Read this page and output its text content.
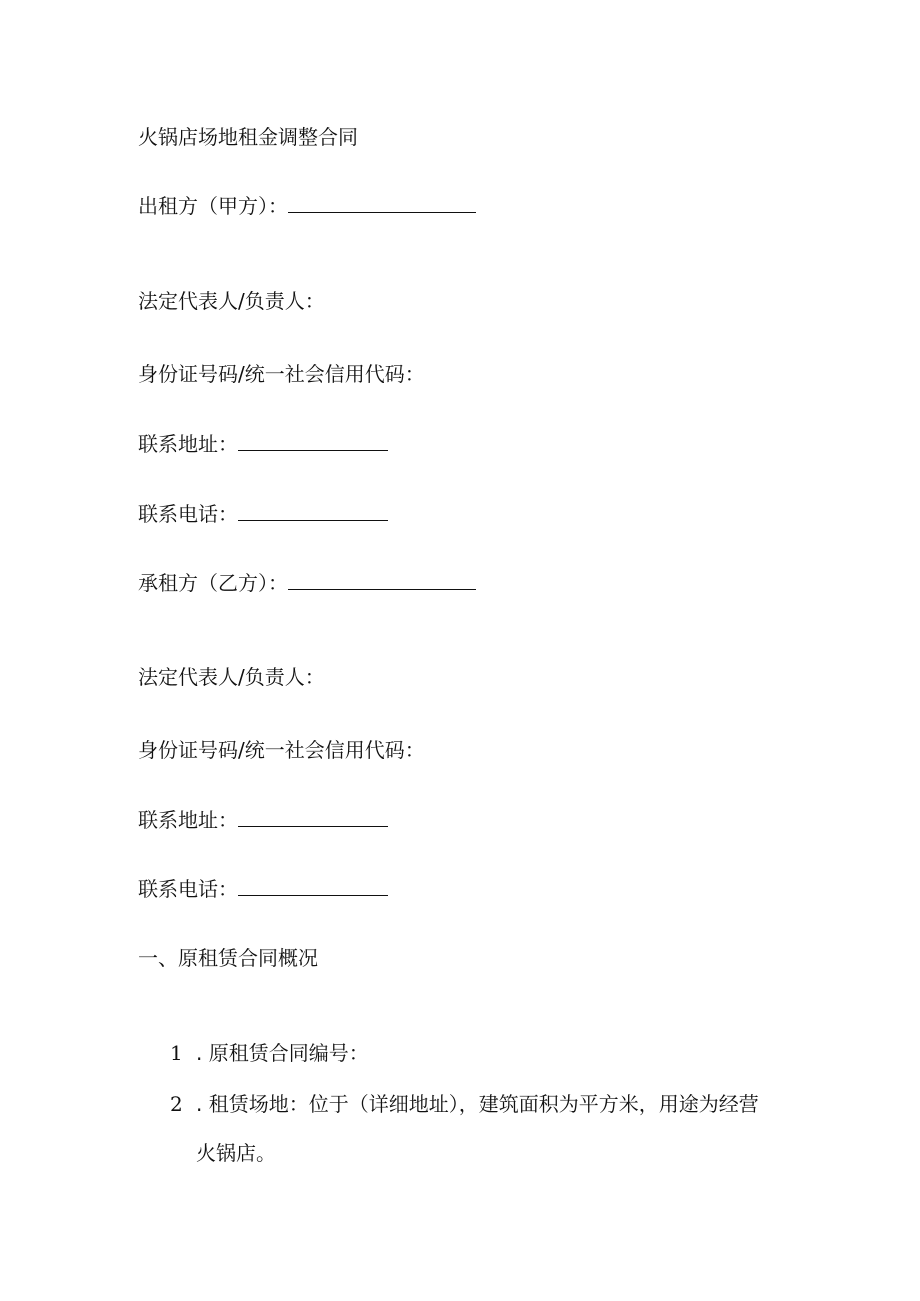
火锅店场地租金调整合同
出租方（甲方）：
法定代表人/负责人：
身份证号码/统一社会信用代码：
联系地址：
联系电话：
承租方（乙方）：
法定代表人/负责人：
身份证号码/统一社会信用代码：
联系地址：
联系电话：
一、原租赁合同概况
1 . 原租赁合同编号：
2 . 租赁场地：位于（详细地址），建筑面积为平方米，用途为经营
火锅店。
